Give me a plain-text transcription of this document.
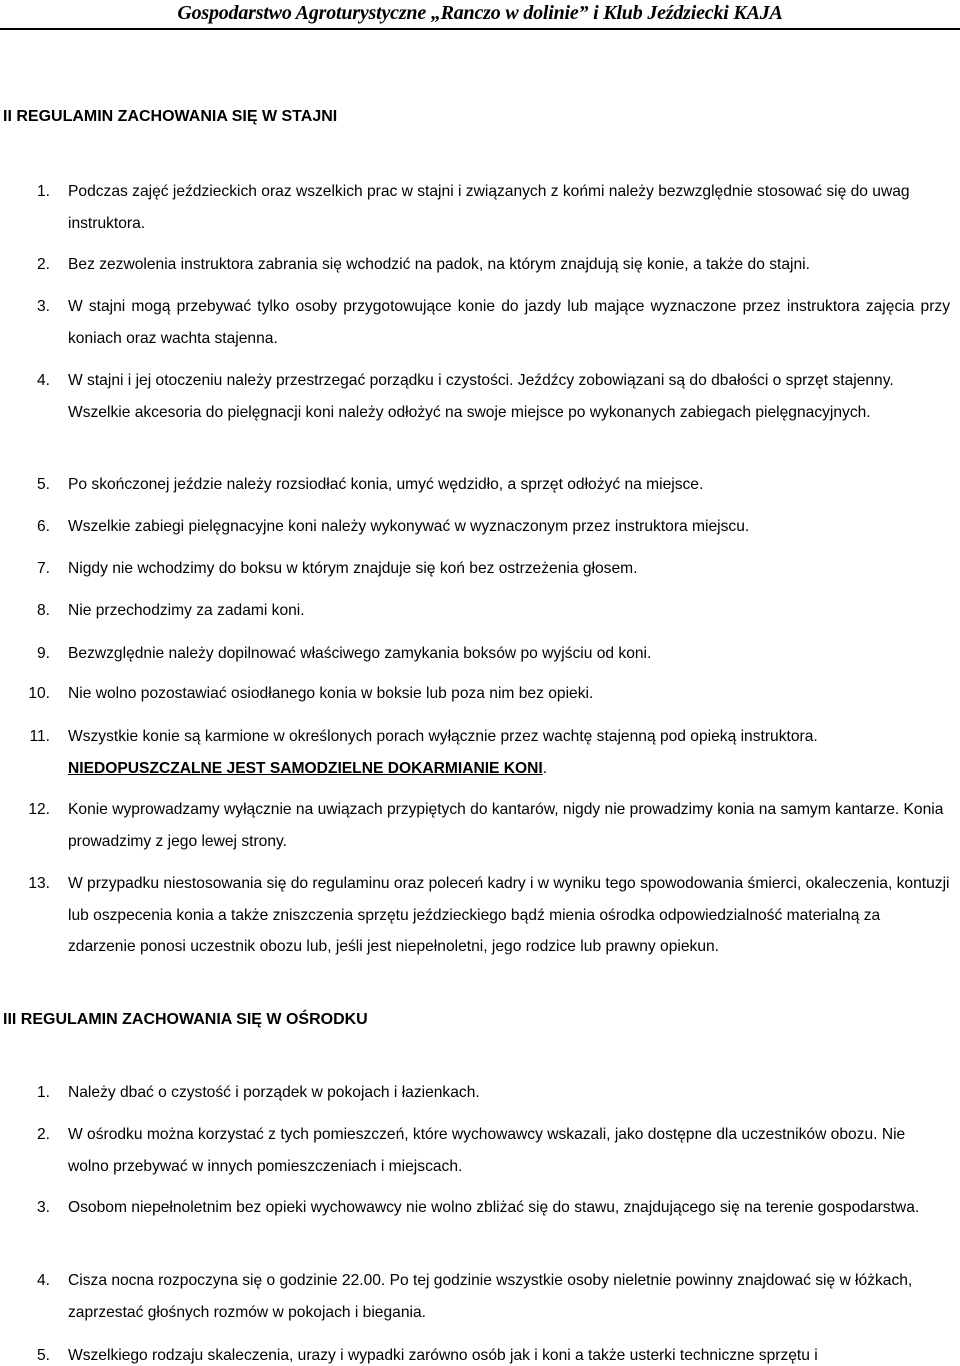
Gospodarstwo Agroturystyczne „Ranczo w dolinie” i Klub Jeździecki KAJA
II REGULAMIN ZACHOWANIA SIĘ W STAJNI
1. Podczas zajęć jeździeckich oraz wszelkich prac w stajni i związanych z końmi należy bezwzględnie stosować się do uwag instruktora.
2. Bez zezwolenia instruktora zabrania się wchodzić na padok, na którym znajdują się konie, a także do stajni.
3. W stajni mogą przebywać tylko osoby przygotowujące konie do jazdy lub mające wyznaczone przez instruktora zajęcia przy koniach oraz wachta stajenna.
4. W stajni i jej otoczeniu należy przestrzegać porządku i czystości. Jeźdźcy zobowiązani są do dbałości o sprzęt stajenny. Wszelkie akcesoria do pielęgnacji koni należy odłożyć na swoje miejsce po wykonanych zabiegach pielęgnacyjnych.
5. Po skończonej jeździe należy rozsiodłać konia, umyć wędzidło, a sprzęt odłożyć na miejsce.
6. Wszelkie zabiegi pielęgnacyjne koni należy wykonywać w wyznaczonym przez instruktora miejscu.
7. Nigdy nie wchodzimy do boksu w którym znajduje się koń bez ostrzeżenia głosem.
8. Nie przechodzimy za zadami koni.
9. Bezwzględnie należy dopilnować właściwego zamykania boksów po wyjściu od koni.
10. Nie wolno pozostawiać osiodłanego konia w boksie lub poza nim bez opieki.
11. Wszystkie konie są karmione w określonych porach wyłącznie przez wachtę stajenną pod opieką instruktora.
NIEDOPUSZCZALNE JEST SAMODZIELNE DOKARMIANIE KONI.
12. Konie wyprowadzamy wyłącznie na uwiązach przypiętych do kantarów, nigdy nie prowadzimy konia na samym kantarze. Konia prowadzimy z jego lewej strony.
13. W przypadku niestosowania się do regulaminu oraz poleceń kadry i w wyniku tego spowodowania śmierci, okaleczenia, kontuzji lub oszpecenia konia a także zniszczenia sprzętu jeździeckiego bądź mienia ośrodka odpowiedzialność materialną za zdarzenie ponosi uczestnik obozu lub, jeśli jest niepełnoletni, jego rodzice lub prawny opiekun.
III REGULAMIN ZACHOWANIA SIĘ W OŚRODKU
1. Należy dbać o czystość i porządek w pokojach i łazienkach.
2. W ośrodku można korzystać z tych pomieszczeń, które wychowawcy wskazali, jako dostępne dla uczestników obozu. Nie wolno przebywać w innych pomieszczeniach i miejscach.
3. Osobom niepełnoletnim bez opieki wychowawcy nie wolno zbliżać się do stawu, znajdującego się na terenie gospodarstwa.
4. Cisza nocna rozpoczyna się o godzinie 22.00. Po tej godzinie wszystkie osoby nieletnie powinny znajdować się w łóżkach, zaprzestać głośnych rozmów w pokojach i biegania.
5. Wszelkiego rodzaju skaleczenia, urazy i wypadki zarówno osób jak i koni a także usterki techniczne sprzętu i
